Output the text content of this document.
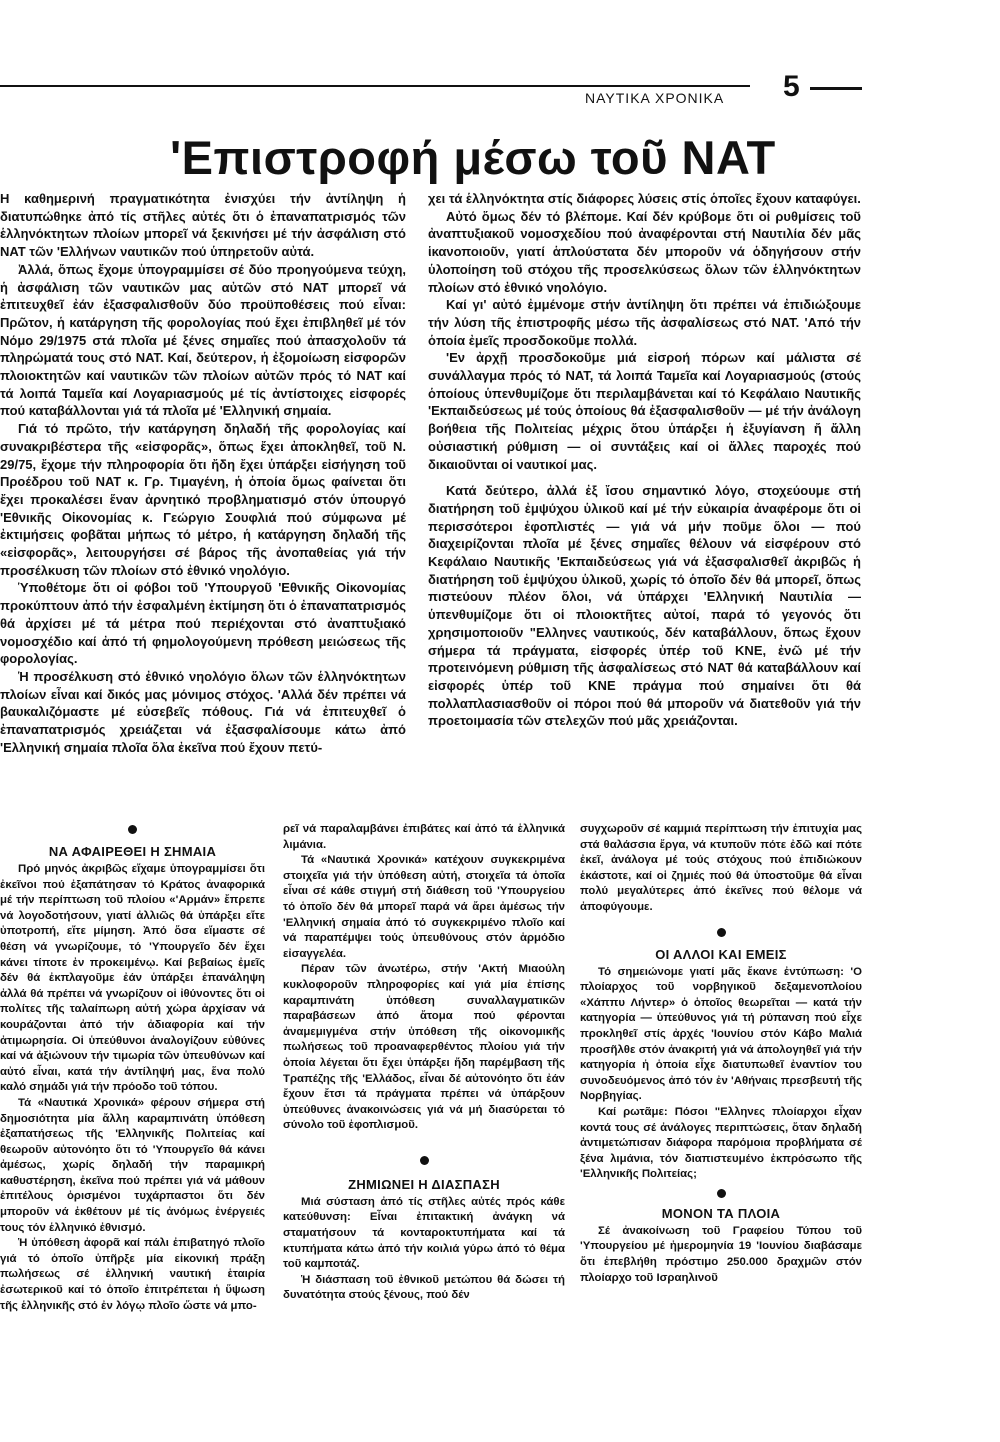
ΝΑΥΤΙΚΑ ΧΡΟΝΙΚΑ 5
'Επιστροφή μέσω τοῦ ΝΑΤ

Η καθημερινή πραγματικότητα ἐνισχύει τήν ἀντίληψη ἡ διατυπώθηκε ἀπό τίς στῆλες αὐτές ὅτι ὁ ἐπαναπατρισμός τῶν ἑλληνόκτητων πλοίων μπορεῖ νά ξεκινήσει μέ τήν ἀσφάλιση στό ΝΑΤ τῶν 'Ελλήνων ναυτικῶν πού ὑπηρετοῦν αὐτά.

Ἀλλά, ὅπως ἔχομε ὑπογραμμίσει σέ δύο προηγούμενα τεύχη, ἡ ἀσφάλιση τῶν ναυτικῶν μας αὐτῶν στό ΝΑΤ μπορεῖ νά ἐπιτευχθεῖ ἐάν ἐξασφαλισθοῦν δύο προϋποθέσεις πού εἶναι: Πρῶτον, ἡ κατάργηση τῆς φορολογίας πού ἔχει ἐπιβληθεῖ μέ τόν Νόμο 29/1975 στά πλοῖα μέ ξένες σημαῖες πού ἀπασχολοῦν τά πληρώματά τους στό ΝΑΤ. Καί, δεύτερον, ἡ ἐξομοίωση εἰσφορῶν πλοιοκτητῶν καί ναυτικῶν τῶν πλοίων αὐτῶν πρός τό ΝΑΤ καί τά λοιπά Ταμεῖα καί Λογαριασμούς μέ τίς ἀντίστοιχες εἰσφορές πού καταβάλλονται γιά τά πλοῖα μέ 'Ελληνική σημαία.

Γιά τό πρῶτο, τήν κατάργηση δηλαδή τῆς φορολογίας καί συνακριβέστερα τῆς «εἰσφορᾶς», ὅπως ἔχει ἀποκληθεῖ, τοῦ Ν. 29/75, ἔχομε τήν πληροφορία ὅτι ἤδη ἔχει ὑπάρξει εἰσήγηση τοῦ Προέδρου τοῦ ΝΑΤ κ. Γρ. Τιμαγένη, ἡ ὁποία ὅμως φαίνεται ὅτι ἔχει προκαλέσει ἕναν ἀρνητικό προβληματισμό στόν ὑπουργό 'Εθνικῆς Οἰκονομίας κ. Γεώργιο Σουφλιά πού σύμφωνα μέ ἐκτιμήσεις φοβᾶται μήπως τό μέτρο, ἡ κατάργηση δηλαδή τῆς «εἰσφορᾶς», λειτουργήσει σέ βάρος τῆς ἀνοπαθείας γιά τήν προσέλκυση τῶν πλοίων στό ἐθνικό νηολόγιο.

Ὑποθέτομε ὅτι οἱ φόβοι τοῦ 'Υπουργοῦ 'Εθνικῆς Οἰκονομίας προκύπτουν ἀπό τήν ἐσφαλμένη ἐκτίμηση ὅτι ὁ ἐπαναπατρισμός θά ἀρχίσει μέ τά μέτρα πού περιέχονται στό ἀναπτυξιακό νομοσχέδιο καί ἀπό τή φημολογούμενη πρόθεση μειώσεως τῆς φορολογίας.

Ἡ προσέλκυση στό ἐθνικό νηολόγιο ὅλων τῶν ἑλληνόκτητων πλοίων εἶναι καί δικός μας μόνιμος στόχος. 'Αλλά δέν πρέπει νά βαυκαλιζόμαστε μέ εὐσεβεῖς πόθους. Γιά νά ἐπιτευχθεῖ ὁ ἐπαναπατρισμός χρειάζεται νά ἐξασφαλίσουμε κάτω ἀπό 'Ελληνική σημαία πλοῖα ὅλα ἐκεῖνα πού ἔχουν πετύ-

χει τά ἑλληνόκτητα στίς διάφορες λύσεις στίς ὁποῖες ἔχουν καταφύγει.

Αὐτό ὅμως δέν τό βλέπομε. Καί δέν κρύβομε ὅτι οἱ ρυθμίσεις τοῦ ἀναπτυξιακοῦ νομοσχεδίου πού ἀναφέρονται στή Ναυτιλία δέν μᾶς ἱκανοποιοῦν, γιατί ἁπλούστατα δέν μποροῦν νά ὁδηγήσουν στήν ὑλοποίηση τοῦ στόχου τῆς προσελκύσεως ὅλων τῶν ἑλληνόκτητων πλοίων στό ἐθνικό νηολόγιο.

Καί γι' αὐτό ἐμμένομε στήν ἀντίληψη ὅτι πρέπει νά ἐπιδιώξουμε τήν λύση τῆς ἐπιστροφῆς μέσω τῆς ἀσφαλίσεως στό ΝΑΤ. 'Από τήν ὁποία ἐμεῖς προσδοκοῦμε πολλά.

'Εν ἀρχῇ προσδοκοῦμε μιά εἰσροή πόρων καί μάλιστα σέ συνάλλαγμα πρός τό ΝΑΤ, τά λοιπά Ταμεῖα καί Λογαριασμούς (στούς ὁποίους ὑπενθυμίζομε ὅτι περιλαμβάνεται καί τό Κεφάλαιο Ναυτικῆς 'Εκπαιδεύσεως μέ τούς ὁποίους θά ἐξασφαλισθοῦν — μέ τήν ἀνάλογη βοήθεια τῆς Πολιτείας μέχρις ὅτου ὑπάρξει ἡ ἐξυγίανση ἤ ἄλλη οὐσιαστική ρύθμιση — οἱ συντάξεις καί οἱ ἄλλες παροχές πού δικαιοῦνται οἱ ναυτικοί μας.

Κατά δεύτερο, ἀλλά ἐξ ἴσου σημαντικό λόγο, στοχεύουμε στή διατήρηση τοῦ ἐμψύχου ὑλικοῦ καί μέ τήν εὐκαιρία ἀναφέρομε ὅτι οἱ περισσότεροι ἐφοπλιστές — γιά νά μήν ποῦμε ὅλοι — πού διαχειρίζονται πλοῖα μέ ξένες σημαῖες θέλουν νά εἰσφέρουν στό Κεφάλαιο Ναυτικῆς 'Εκπαιδεύσεως γιά νά ἐξασφαλισθεῖ ἀκριβῶς ἡ διατήρηση τοῦ ἐμψύχου ὑλικοῦ, χωρίς τό ὁποῖο δέν θά μπορεῖ, ὅπως πιστεύουν πλέον ὅλοι, νά ὑπάρχει 'Ελληνική Ναυτιλία — ὑπενθυμίζομε ὅτι οἱ πλοιοκτῆτες αὐτοί, παρά τό γεγονός ὅτι χρησιμοποιοῦν "Ελληνες ναυτικούς, δέν καταβάλλουν, ὅπως ἔχουν σήμερα τά πράγματα, εἰσφορές ὑπέρ τοῦ ΚΝΕ, ἐνῶ μέ τήν προτεινόμενη ρύθμιση τῆς ἀσφαλίσεως στό ΝΑΤ θά καταβάλλουν καί εἰσφορές ὑπέρ τοῦ ΚΝΕ πράγμα πού σημαίνει ὅτι θά πολλαπλασιασθοῦν οἱ πόροι πού θά μποροῦν νά διατεθοῦν γιά τήν προετοιμασία τῶν στελεχῶν πού μᾶς χρειάζονται.

ΝΑ ΑΦΑΙΡΕΘΕΙ Η ΣΗΜΑΙΑ

Πρό μηνός ἀκριβῶς εἴχαμε ὑπογραμμίσει ὅτι ἐκεῖνοι πού ἐξαπάτησαν τό Κράτος ἀναφορικά μέ τήν περίπτωση τοῦ πλοίου «'Αρμάν» ἔπρεπε νά λογοδοτήσουν, γιατί ἀλλιῶς θά ὑπάρξει εἴτε ὑποτροπή, εἴτε μίμηση. Ἀπό ὅσα εἴμαστε σέ θέση νά γνωρίζουμε, τό 'Υπουργεῖο δέν ἔχει κάνει τίποτε ἐν προκειμένῳ. Καί βεβαίως ἐμεῖς δέν θά ἐκπλαγοῦμε ἐάν ὑπάρξει ἐπανάληψη ἀλλά θά πρέπει νά γνωρίζουν οἱ ἰθύνοντες ὅτι οἱ πολίτες τῆς ταλαίπωρη αὐτή χώρα ἀρχίσαν νά κουράζονται ἀπό τήν ἀδιαφορία καί τήν ἀτιμωρησία. Οἱ ὑπεύθυνοι ἀναλογίζουν εὐθύνες καί νά ἀξιώνουν τήν τιμωρία τῶν ὑπευθύνων καί αὐτό εἶναι, κατά τήν ἀντίληψή μας, ἕνα πολύ καλό σημάδι γιά τήν πρόοδο τοῦ τόπου.

Τά «Ναυτικά Χρονικά» φέρουν σήμερα στή δημοσιότητα μία ἄλλη καραμπινάτη ὑπόθεση ἐξαπατήσεως τῆς 'Ελληνικῆς Πολιτείας καί θεωροῦν αὐτονόητο ὅτι τό 'Υπουργεῖο θά κάνει ἀμέσως, χωρίς δηλαδή τήν παραμικρή καθυστέρηση, ἐκεῖνα πού πρέπει γιά νά μάθουν ἐπιτέλους ὁρισμένοι τυχάρπαστοι ὅτι δέν μποροῦν νά ἐκθέτουν μέ τίς ἀνόμως ἐνέργειές τους τόν ἑλληνικό ἐθνισμό.

Ἡ ὑπόθεση ἀφορᾶ καί πάλι ἐπιβατηγό πλοῖο γιά τό ὁποῖο ὑπῆρξε μία εἰκονική πράξη πωλήσεως σέ ἑλληνική ναυτική ἑταιρία ἐσωτερικοῦ καί τό ὁποῖο ἐπιτρέπεται ἡ ὕψωση τῆς ἑλληνικῆς στό ἐν λόγῳ πλοῖο ὥστε νά μπο-

ρεῖ νά παραλαμβάνει ἐπιβάτες καί ἀπό τά ἑλληνικά λιμάνια.

Τά «Ναυτικά Χρονικά» κατέχουν συγκεκριμένα στοιχεῖα γιά τήν ὑπόθεση αὐτή, στοιχεῖα τά ὁποῖα εἶναι σέ κάθε στιγμή στή διάθεση τοῦ 'Υπουργείου τό ὁποῖο δέν θά μπορεῖ παρά νά ἄρει ἀμέσως τήν 'Ελληνική σημαία ἀπό τό συγκεκριμένο πλοῖο καί νά παραπέμψει τούς ὑπευθύνους στόν ἁρμόδιο εἰσαγγελέα.

Πέραν τῶν ἀνωτέρω, στήν 'Ακτή Μιαούλη κυκλοφοροῦν πληροφορίες καί γιά μία ἐπίσης καραμπινάτη ὑπόθεση συναλλαγματικῶν παραβάσεων ἀπό ἄτομα πού φέρονται ἀναμεμιγμένα στήν ὑπόθεση τῆς οἰκονομικῆς πωλήσεως τοῦ προαναφερθέντος πλοίου γιά τήν ὁποία λέγεται ὅτι ἔχει ὑπάρξει ἤδη παρέμβαση τῆς Τραπέζης τῆς 'Ελλάδος, εἶναι δέ αὐτονόητο ὅτι ἐάν ἔχουν ἔτσι τά πράγματα πρέπει νά ὑπάρξουν ὑπεύθυνες ἀνακοινώσεις γιά νά μή διασύρεται τό σύνολο τοῦ ἐφοπλισμοῦ.

ΖΗΜΙΩΝΕΙ Η ΔΙΑΣΠΑΣΗ

Μιά σύσταση ἀπό τίς στῆλες αὐτές πρός κάθε κατεύθυνση: Εἶναι ἐπιτακτική ἀνάγκη νά σταματήσουν τά κονταροκτυπήματα καί τά κτυπήματα κάτω ἀπό τήν κοιλιά γύρω ἀπό τό θέμα τοῦ καμποτάζ.

Ἡ διάσπαση τοῦ ἐθνικοῦ μετώπου θά δώσει τή δυνατότητα στούς ξένους, πού δέν

συγχωροῦν σέ καμμιά περίπτωση τήν ἐπιτυχία μας στά θαλάσσια ἔργα, νά κτυποῦν πότε ἐδῶ καί πότε ἐκεῖ, ἀνάλογα μέ τούς στόχους πού ἐπιδιώκουν ἑκάστοτε, καί οἱ ζημιές πού θά ὑποστοῦμε θά εἶναι πολύ μεγαλύτερες ἀπό ἐκεῖνες πού θέλομε νά ἀποφύγουμε.

ΟΙ ΑΛΛΟΙ ΚΑΙ ΕΜΕΙΣ

Τό σημειώνομε γιατί μᾶς ἔκανε ἐντύπωση: 'Ο πλοίαρχος τοῦ νορβηγικοῦ δεξαμενοπλοίου «Χάππυ Λήντερ» ὁ ὁποῖος θεωρεῖται — κατά τήν κατηγορία — ὑπεύθυνος γιά τή ρύπανση πού εἶχε προκληθεῖ στίς ἀρχές 'Ιουνίου στόν Κάβο Μαλιά προσῆλθε στόν ἀνακριτή γιά νά ἀπολογηθεῖ γιά τήν κατηγορία ἡ ὁποία εἶχε διατυπωθεῖ ἐναντίον του συνοδευόμενος ἀπό τόν ἐν 'Αθήναις πρεσβευτή τῆς Νορβηγίας.

Καί ρωτᾶμε: Πόσοι "Ελληνες πλοίαρχοι εἶχαν κοντά τους σέ ἀνάλογες περιπτώσεις, ὅταν δηλαδή ἀντιμετώπισαν διάφορα παρόμοια προβλήματα σέ ξένα λιμάνια, τόν διαπιστευμένο ἐκπρόσωπο τῆς 'Ελληνικῆς Πολιτείας;

ΜΟΝΟΝ ΤΑ ΠΛΟΙΑ

Σέ ἀνακοίνωση τοῦ Γραφείου Τύπου τοῦ 'Υπουργείου μέ ἡμερομηνία 19 'Ιουνίου διαβάσαμε ὅτι ἐπεβλήθη πρόστιμο 250.000 δραχμῶν στόν πλοίαρχο τοῦ Ισραηλινοῦ
